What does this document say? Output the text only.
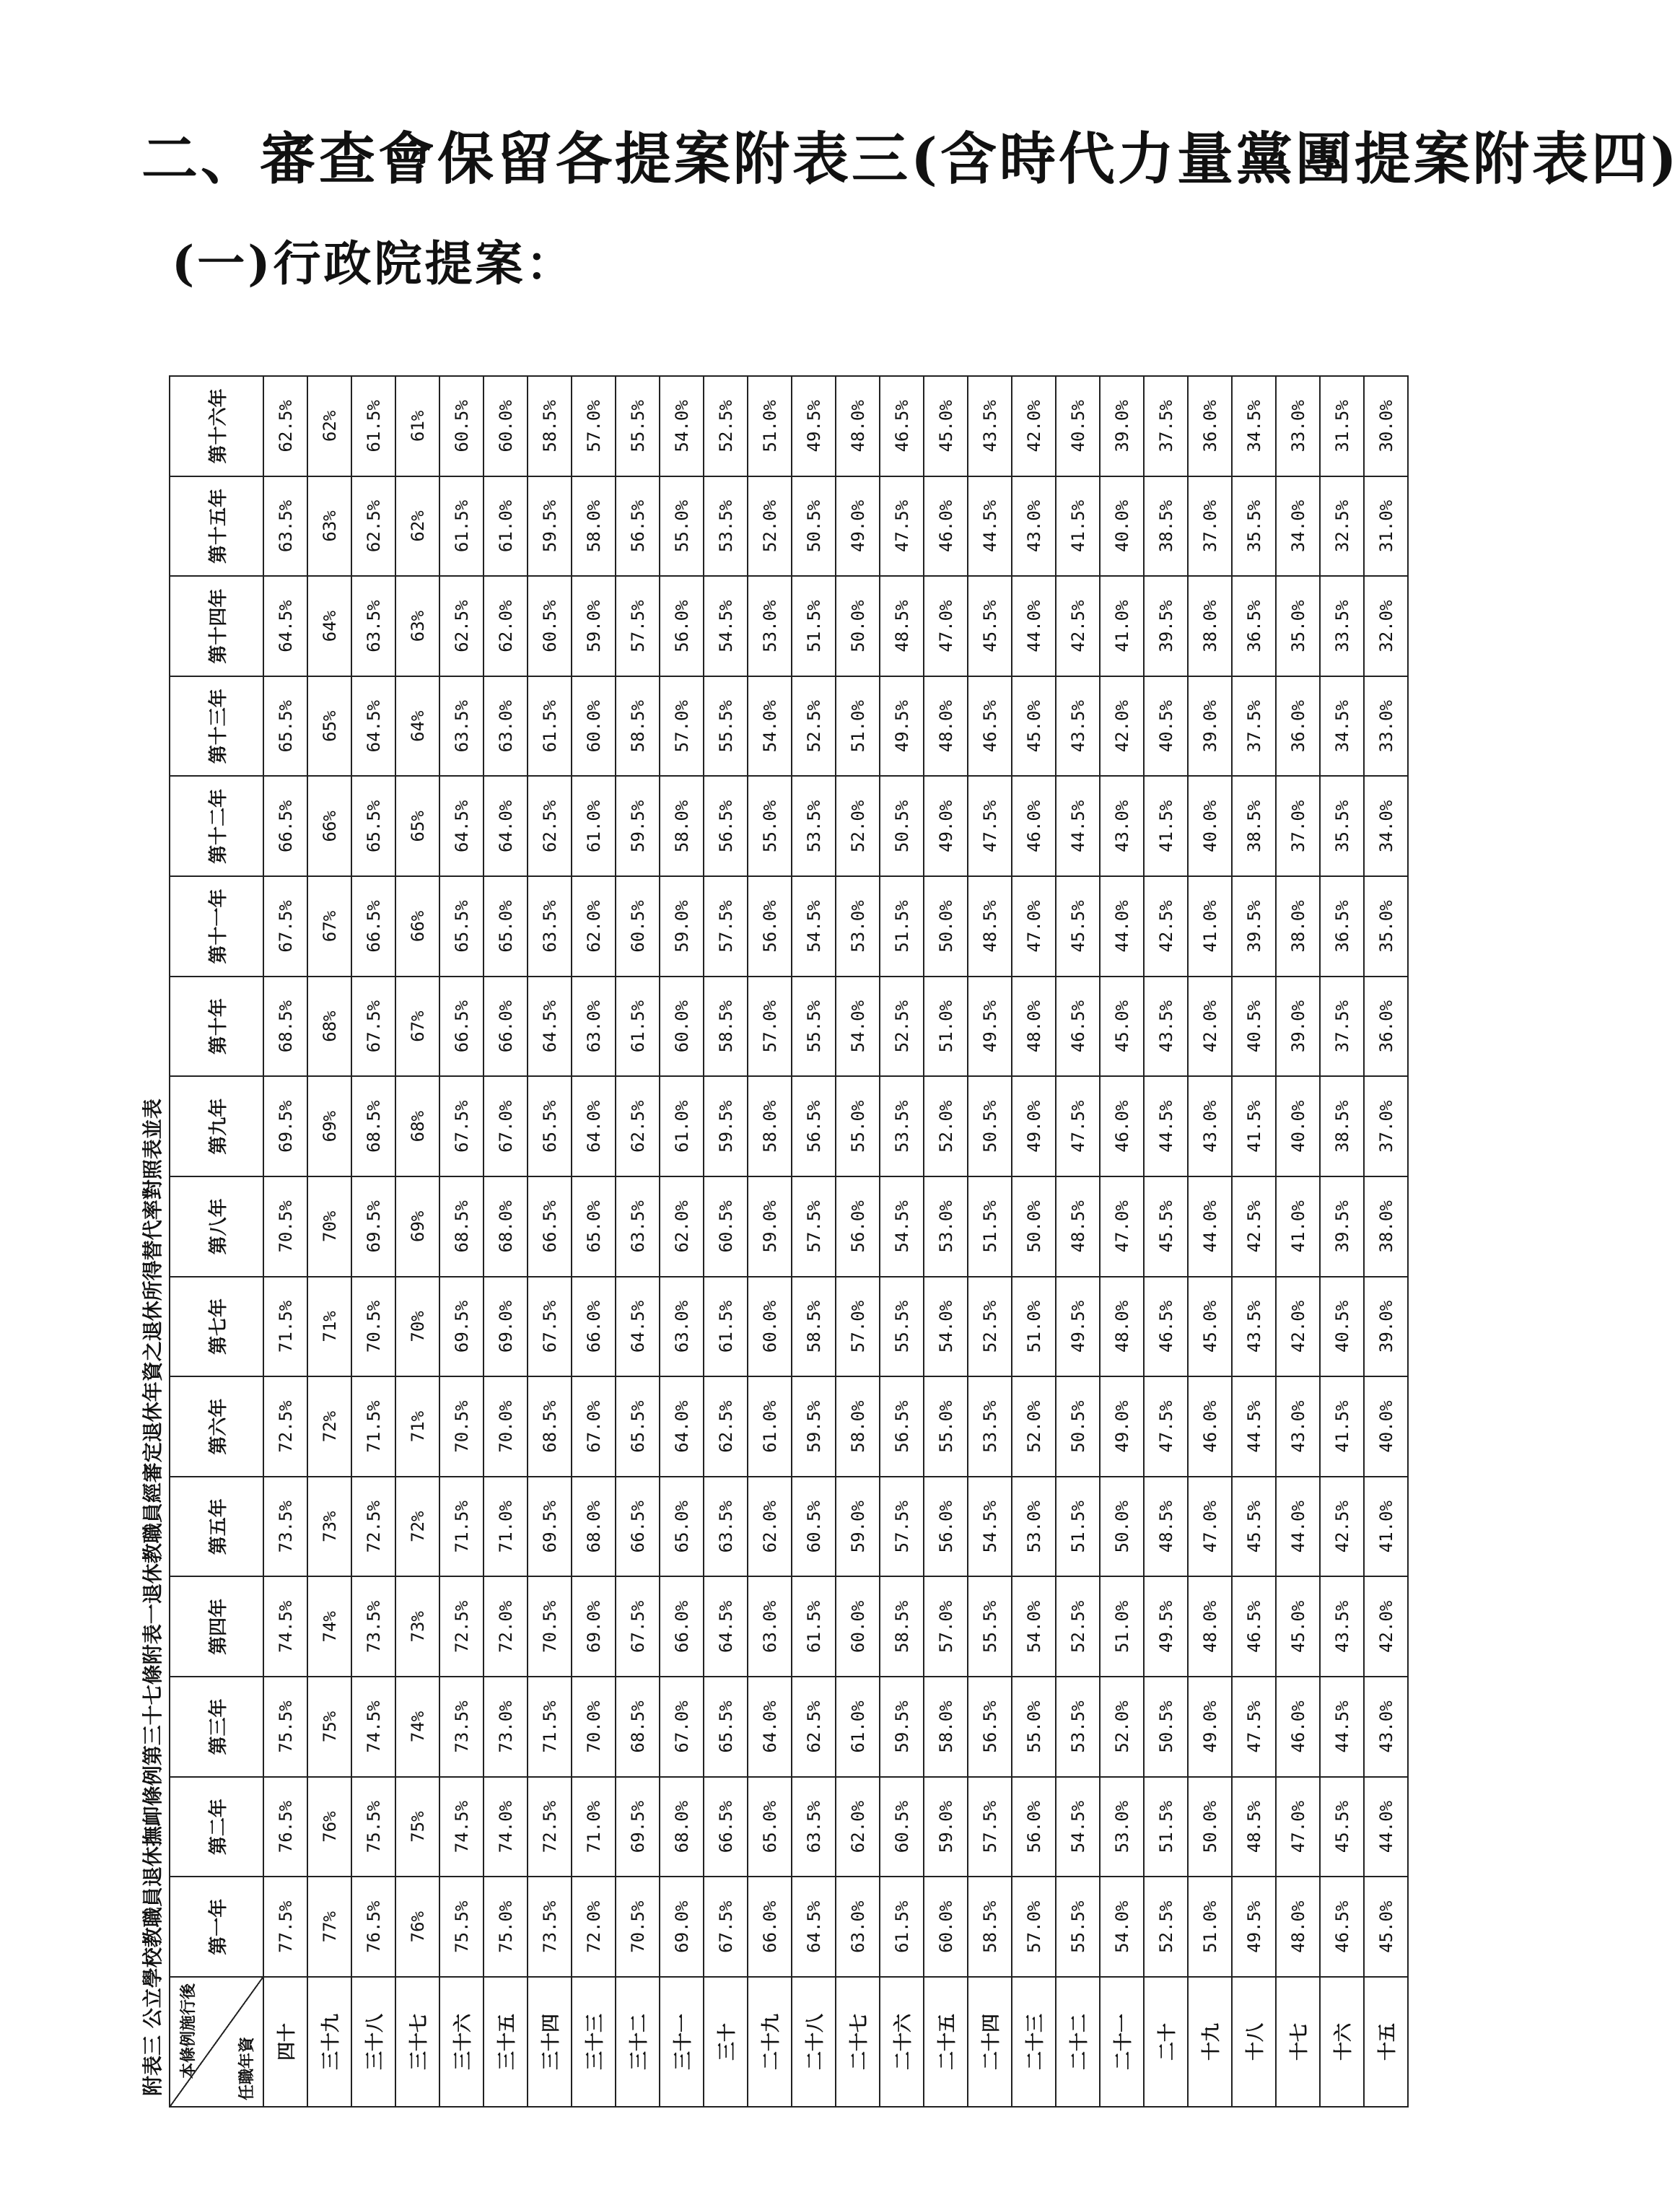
二、審查會保留各提案附表三(含時代力量黨團提案附表四)
(一)行政院提案：
附表三 公立學校教職員退休撫卹條例第三十七條附表一退休教職員經審定退休年資之退休所得替代率對照表並表 本條例施行後 任職年資	第一年	第二年	第三年	第四年	第五年	第六年	第七年	第八年	第九年	第十年	第十一年	第十二年	第十三年	第十四年	第十五年	第十六年
四十	77.5%	76.5%	75.5%	74.5%	73.5%	72.5%	71.5%	70.5%	69.5%	68.5%	67.5%	66.5%	65.5%	64.5%	63.5%	62.5%
三十九	77%	76%	75%	74%	73%	72%	71%	70%	69%	68%	67%	66%	65%	64%	63%	62%
三十八	76.5%	75.5%	74.5%	73.5%	72.5%	71.5%	70.5%	69.5%	68.5%	67.5%	66.5%	65.5%	64.5%	63.5%	62.5%	61.5%
三十七	76%	75%	74%	73%	72%	71%	70%	69%	68%	67%	66%	65%	64%	63%	62%	61%
三十六	75.5%	74.5%	73.5%	72.5%	71.5%	70.5%	69.5%	68.5%	67.5%	66.5%	65.5%	64.5%	63.5%	62.5%	61.5%	60.5%
三十五	75.0%	74.0%	73.0%	72.0%	71.0%	70.0%	69.0%	68.0%	67.0%	66.0%	65.0%	64.0%	63.0%	62.0%	61.0%	60.0%
三十四	73.5%	72.5%	71.5%	70.5%	69.5%	68.5%	67.5%	66.5%	65.5%	64.5%	63.5%	62.5%	61.5%	60.5%	59.5%	58.5%
三十三	72.0%	71.0%	70.0%	69.0%	68.0%	67.0%	66.0%	65.0%	64.0%	63.0%	62.0%	61.0%	60.0%	59.0%	58.0%	57.0%
三十二	70.5%	69.5%	68.5%	67.5%	66.5%	65.5%	64.5%	63.5%	62.5%	61.5%	60.5%	59.5%	58.5%	57.5%	56.5%	55.5%
三十一	69.0%	68.0%	67.0%	66.0%	65.0%	64.0%	63.0%	62.0%	61.0%	60.0%	59.0%	58.0%	57.0%	56.0%	55.0%	54.0%
三十	67.5%	66.5%	65.5%	64.5%	63.5%	62.5%	61.5%	60.5%	59.5%	58.5%	57.5%	56.5%	55.5%	54.5%	53.5%	52.5%
二十九	66.0%	65.0%	64.0%	63.0%	62.0%	61.0%	60.0%	59.0%	58.0%	57.0%	56.0%	55.0%	54.0%	53.0%	52.0%	51.0%
二十八	64.5%	63.5%	62.5%	61.5%	60.5%	59.5%	58.5%	57.5%	56.5%	55.5%	54.5%	53.5%	52.5%	51.5%	50.5%	49.5%
二十七	63.0%	62.0%	61.0%	60.0%	59.0%	58.0%	57.0%	56.0%	55.0%	54.0%	53.0%	52.0%	51.0%	50.0%	49.0%	48.0%
二十六	61.5%	60.5%	59.5%	58.5%	57.5%	56.5%	55.5%	54.5%	53.5%	52.5%	51.5%	50.5%	49.5%	48.5%	47.5%	46.5%
二十五	60.0%	59.0%	58.0%	57.0%	56.0%	55.0%	54.0%	53.0%	52.0%	51.0%	50.0%	49.0%	48.0%	47.0%	46.0%	45.0%
二十四	58.5%	57.5%	56.5%	55.5%	54.5%	53.5%	52.5%	51.5%	50.5%	49.5%	48.5%	47.5%	46.5%	45.5%	44.5%	43.5%
二十三	57.0%	56.0%	55.0%	54.0%	53.0%	52.0%	51.0%	50.0%	49.0%	48.0%	47.0%	46.0%	45.0%	44.0%	43.0%	42.0%
二十二	55.5%	54.5%	53.5%	52.5%	51.5%	50.5%	49.5%	48.5%	47.5%	46.5%	45.5%	44.5%	43.5%	42.5%	41.5%	40.5%
二十一	54.0%	53.0%	52.0%	51.0%	50.0%	49.0%	48.0%	47.0%	46.0%	45.0%	44.0%	43.0%	42.0%	41.0%	40.0%	39.0%
二十	52.5%	51.5%	50.5%	49.5%	48.5%	47.5%	46.5%	45.5%	44.5%	43.5%	42.5%	41.5%	40.5%	39.5%	38.5%	37.5%
十九	51.0%	50.0%	49.0%	48.0%	47.0%	46.0%	45.0%	44.0%	43.0%	42.0%	41.0%	40.0%	39.0%	38.0%	37.0%	36.0%
十八	49.5%	48.5%	47.5%	46.5%	45.5%	44.5%	43.5%	42.5%	41.5%	40.5%	39.5%	38.5%	37.5%	36.5%	35.5%	34.5%
十七	48.0%	47.0%	46.0%	45.0%	44.0%	43.0%	42.0%	41.0%	40.0%	39.0%	38.0%	37.0%	36.0%	35.0%	34.0%	33.0%
十六	46.5%	45.5%	44.5%	43.5%	42.5%	41.5%	40.5%	39.5%	38.5%	37.5%	36.5%	35.5%	34.5%	33.5%	32.5%	31.5%
十五	45.0%	44.0%	43.0%	42.0%	41.0%	40.0%	39.0%	38.0%	37.0%	36.0%	35.0%	34.0%	33.0%	32.0%	31.0%	30.0%
